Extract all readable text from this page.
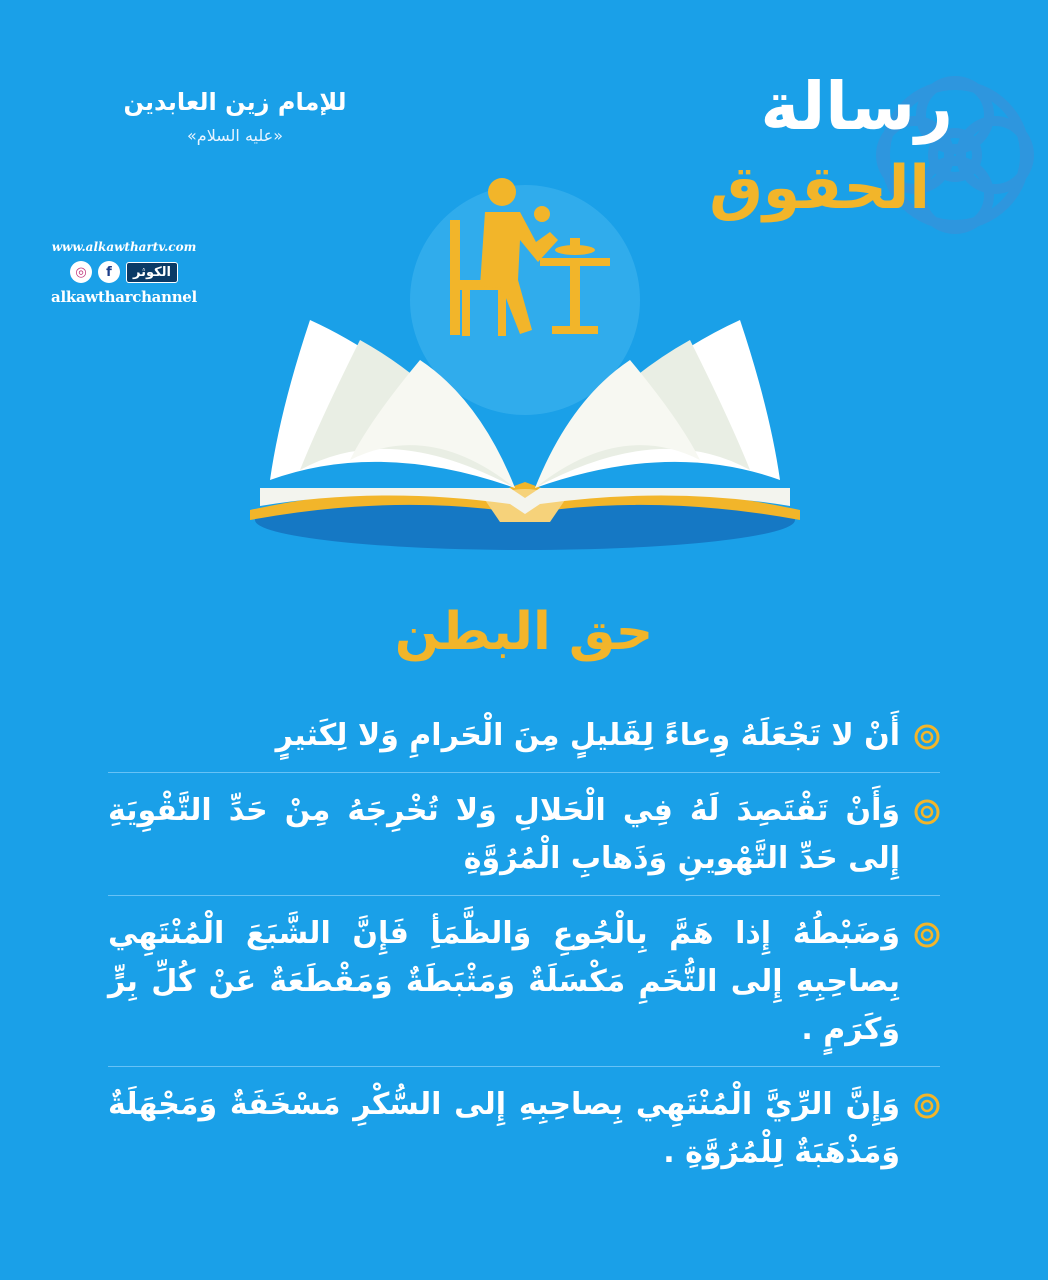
رسالة
الحقوق
للإمام زين العابدين
«عليه السلام»
www.alkawthartv.com
◎	f	الكوثر
alkawtharchannel
حق البطن
أَنْ لا تَجْعَلَهُ وِعاءً لِقَليلٍ مِنَ الْحَرامِ وَلا لِكَثيرٍ
وَأَنْ تَقْتَصِدَ لَهُ فِي الْحَلالِ وَلا تُخْرِجَهُ مِنْ حَدِّ التَّقْوِيَةِ إِلى حَدِّ التَّهْوينِ وَذَهابِ الْمُرُوَّةِ
وَضَبْطُهُ إِذا هَمَّ بِالْجُوعِ وَالظَّمَأِ فَإِنَّ الشَّبَعَ الْمُنْتَهِي بِصاحِبِهِ إِلى التُّخَمِ مَكْسَلَةٌ وَمَثْبَطَةٌ وَمَقْطَعَةٌ عَنْ كُلِّ بِرٍّ وَكَرَمٍ .
وَإِنَّ الرِّيَّ الْمُنْتَهِي بِصاحِبِهِ إِلى السُّكْرِ مَسْخَفَةٌ وَمَجْهَلَةٌ وَمَذْهَبَةٌ لِلْمُرُوَّةِ .
